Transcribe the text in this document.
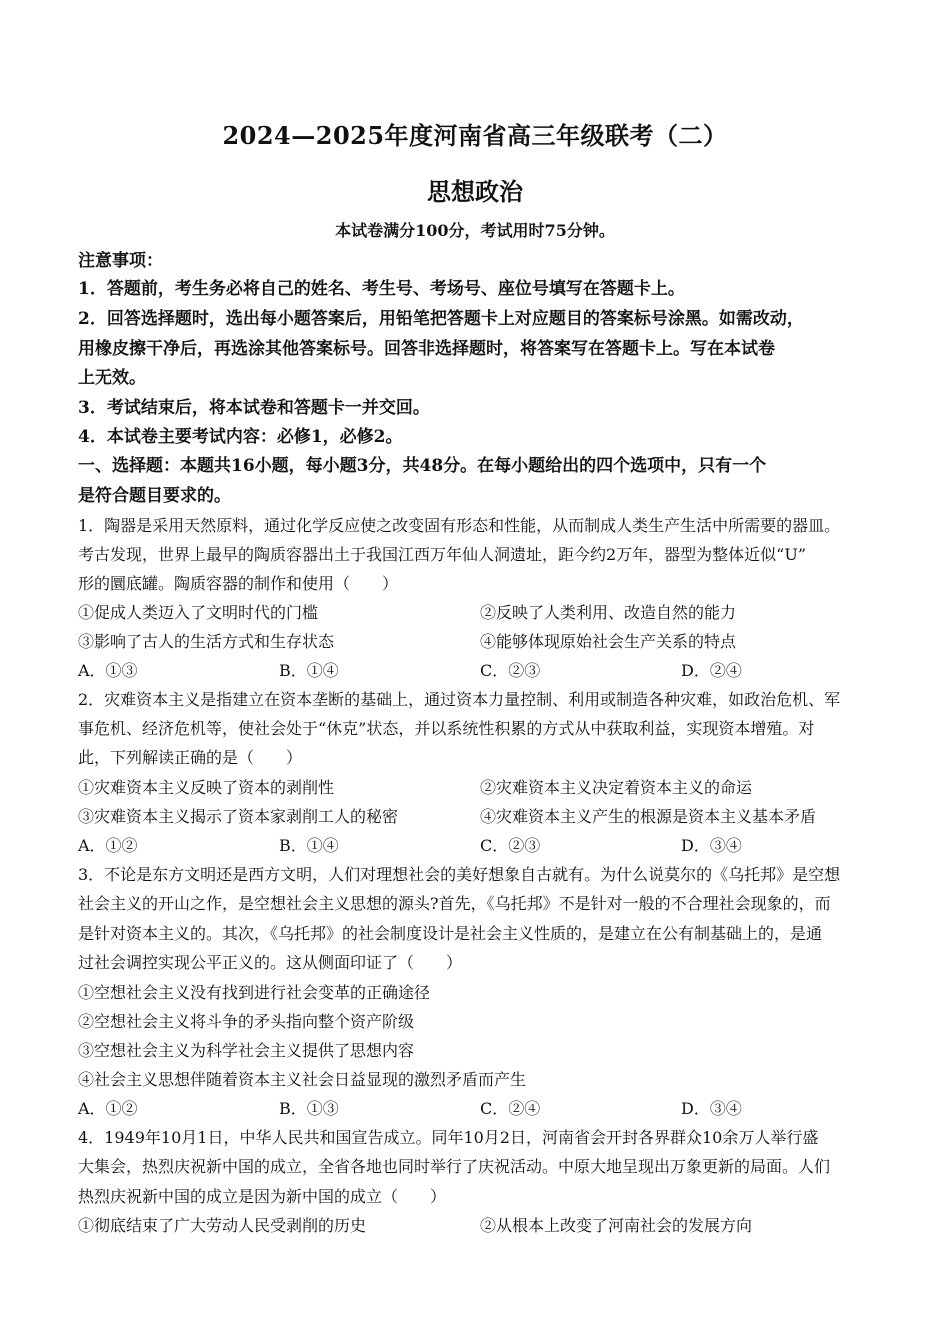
2024—2025年度河南省高三年级联考（二）
思想政治
本试卷满分100分，考试用时75分钟。
注意事项：
1．答题前，考生务必将自己的姓名、考生号、考场号、座位号填写在答题卡上。
2．回答选择题时，选出每小题答案后，用铅笔把答题卡上对应题目的答案标号涂黑。如需改动，
用橡皮擦干净后，再选涂其他答案标号。回答非选择题时，将答案写在答题卡上。写在本试卷
上无效。
3．考试结束后，将本试卷和答题卡一并交回。
4．本试卷主要考试内容：必修1，必修2。
一、选择题：本题共16小题，每小题3分，共48分。在每小题给出的四个选项中，只有一个
是符合题目要求的。
1．陶器是采用天然原料，通过化学反应使之改变固有形态和性能，从而制成人类生产生活中所需要的器皿。
考古发现，世界上最早的陶质容器出土于我国江西万年仙人洞遗址，距今约2万年，器型为整体近似“U”
形的圜底罐。陶质容器的制作和使用（　　）
①促成人类迈入了文明时代的门槛	②反映了人类利用、改造自然的能力
③影响了古人的生活方式和生存状态	④能够体现原始社会生产关系的特点
A．①③	B．①④	C．②③	D．②④
2．灾难资本主义是指建立在资本垄断的基础上，通过资本力量控制、利用或制造各种灾难，如政治危机、军
事危机、经济危机等，使社会处于“休克”状态，并以系统性积累的方式从中获取利益，实现资本增殖。对
此，下列解读正确的是（　　）
①灾难资本主义反映了资本的剥削性	②灾难资本主义决定着资本主义的命运
③灾难资本主义揭示了资本家剥削工人的秘密	④灾难资本主义产生的根源是资本主义基本矛盾
A．①②	B．①④	C．②③	D．③④
3．不论是东方文明还是西方文明，人们对理想社会的美好想象自古就有。为什么说莫尔的《乌托邦》是空想
社会主义的开山之作，是空想社会主义思想的源头?首先，《乌托邦》不是针对一般的不合理社会现象的，而
是针对资本主义的。其次，《乌托邦》的社会制度设计是社会主义性质的，是建立在公有制基础上的，是通
过社会调控实现公平正义的。这从侧面印证了（　　）
①空想社会主义没有找到进行社会变革的正确途径
②空想社会主义将斗争的矛头指向整个资产阶级
③空想社会主义为科学社会主义提供了思想内容
④社会主义思想伴随着资本主义社会日益显现的激烈矛盾而产生
A．①②	B．①③	C．②④	D．③④
4．1949年10月1日，中华人民共和国宣告成立。同年10月2日，河南省会开封各界群众10余万人举行盛
大集会，热烈庆祝新中国的成立，全省各地也同时举行了庆祝活动。中原大地呈现出万象更新的局面。人们
热烈庆祝新中国的成立是因为新中国的成立（　　）
①彻底结束了广大劳动人民受剥削的历史	②从根本上改变了河南社会的发展方向
